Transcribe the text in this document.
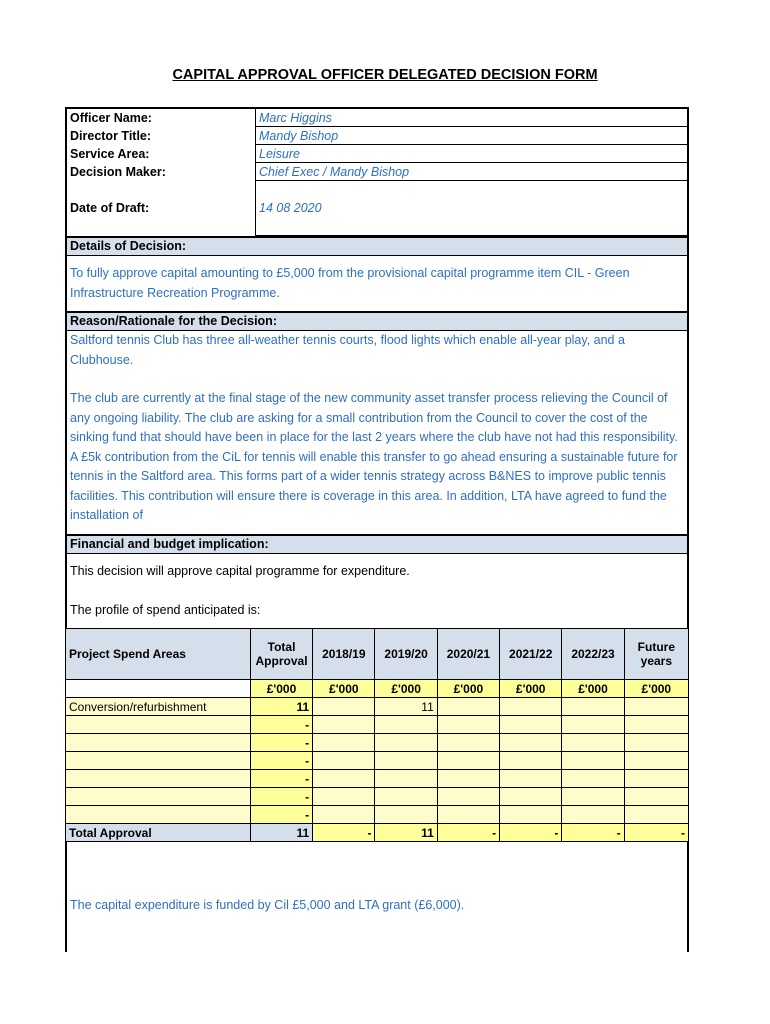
CAPITAL APPROVAL OFFICER DELEGATED DECISION FORM
Officer Name:	Marc Higgins
Director Title:	Mandy Bishop
Service Area:	Leisure
Decision Maker:	Chief Exec / Mandy Bishop
Date of Draft:	14 08 2020
Details of Decision:
To fully approve capital amounting to £5,000 from the provisional capital programme item CIL - Green Infrastructure Recreation Programme.
Reason/Rationale for the Decision:
Saltford tennis Club has three all-weather tennis courts, flood lights which enable all-year play, and a Clubhouse.
The club are currently at the final stage of the new community asset transfer process relieving the Council of any ongoing liability. The club are asking for a small contribution from the Council to cover the cost of the sinking fund that should have been in place for the last 2 years where the club have not had this responsibility. A £5k contribution from the CiL for tennis will enable this transfer to go ahead ensuring a sustainable future for tennis in the Saltford area. This forms part of a wider tennis strategy across B&NES to improve public tennis facilities. This contribution will ensure there is coverage in this area. In addition, LTA have agreed to fund the installation of
Financial and budget implication:
This decision will approve capital programme for expenditure.
The profile of spend anticipated is:
Project Spend Areas	Total Approval	2018/19	2019/20	2020/21	2021/22	2022/23	Future years
	£'000	£'000	£'000	£'000	£'000	£'000	£'000
Conversion/refurbishment	11		11				
	-						
	-						
	-						
	-						
	-						
	-						
Total Approval	11	-	11	-	-	-	-
The capital expenditure is funded by Cil £5,000 and LTA grant (£6,000).
